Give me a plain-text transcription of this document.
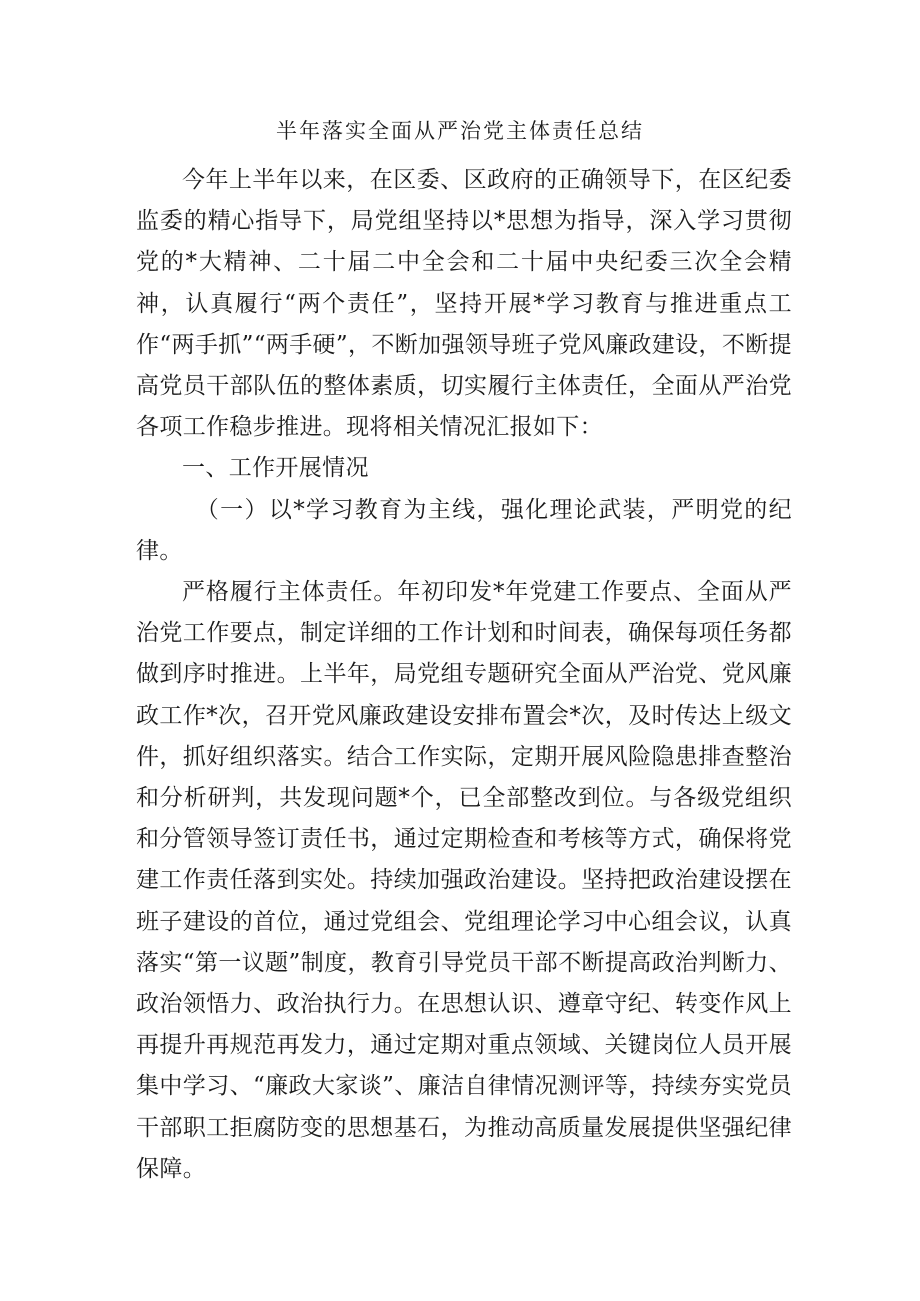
半年落实全面从严治党主体责任总结

今年上半年以来，在区委、区政府的正确领导下，在区纪委监委的精心指导下，局党组坚持以*思想为指导，深入学习贯彻党的*大精神、二十届二中全会和二十届中央纪委三次全会精神，认真履行“两个责任”，坚持开展*学习教育与推进重点工作“两手抓”“两手硬”，不断加强领导班子党风廉政建设，不断提高党员干部队伍的整体素质，切实履行主体责任，全面从严治党各项工作稳步推进。现将相关情况汇报如下：

一、工作开展情况

（一）以*学习教育为主线，强化理论武装，严明党的纪律。

严格履行主体责任。年初印发*年党建工作要点、全面从严治党工作要点，制定详细的工作计划和时间表，确保每项任务都做到序时推进。上半年，局党组专题研究全面从严治党、党风廉政工作*次，召开党风廉政建设安排布置会*次，及时传达上级文件，抓好组织落实。结合工作实际，定期开展风险隐患排查整治和分析研判，共发现问题*个，已全部整改到位。与各级党组织和分管领导签订责任书，通过定期检查和考核等方式，确保将党建工作责任落到实处。持续加强政治建设。坚持把政治建设摆在班子建设的首位，通过党组会、党组理论学习中心组会议，认真落实“第一议题”制度，教育引导党员干部不断提高政治判断力、政治领悟力、政治执行力。在思想认识、遵章守纪、转变作风上再提升再规范再发力，通过定期对重点领域、关键岗位人员开展集中学习、“廉政大家谈”、廉洁自律情况测评等，持续夯实党员干部职工拒腐防变的思想基石，为推动高质量发展提供坚强纪律保障。
